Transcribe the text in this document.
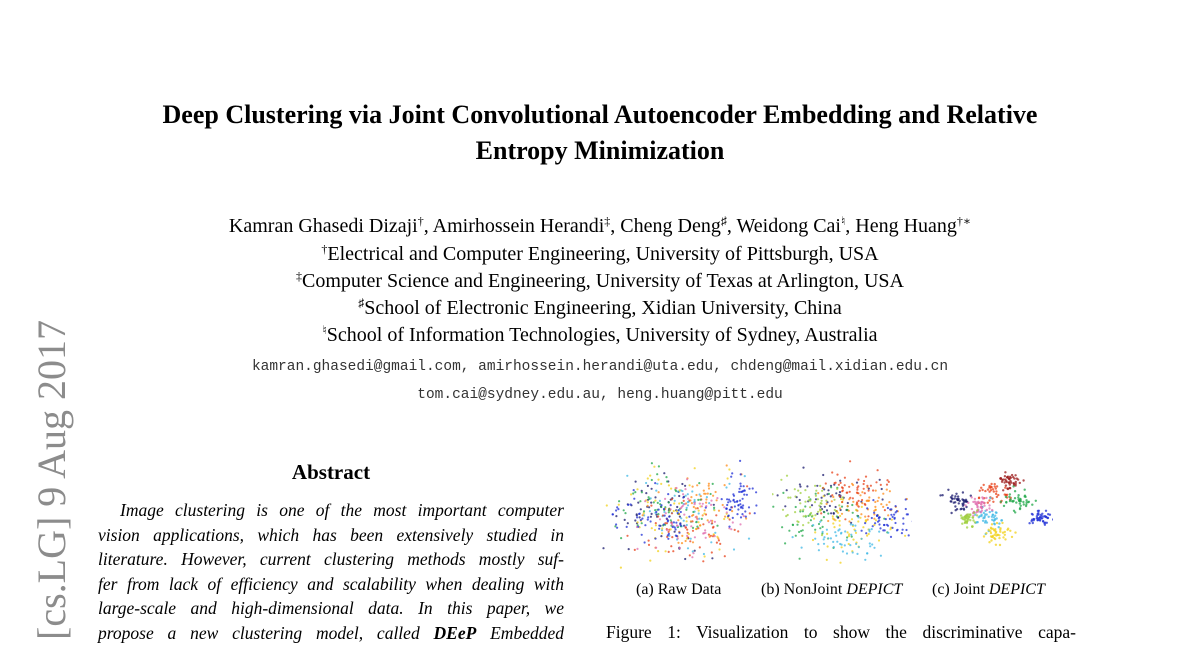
[cs.LG] 9 Aug 2017
Deep Clustering via Joint Convolutional Autoencoder Embedding and Relative
Entropy Minimization
Kamran Ghasedi Dizaji†, Amirhossein Herandi‡, Cheng Deng♯, Weidong Cai♮, Heng Huang†∗
†Electrical and Computer Engineering, University of Pittsburgh, USA
‡Computer Science and Engineering, University of Texas at Arlington, USA
♯School of Electronic Engineering, Xidian University, China
♮School of Information Technologies, University of Sydney, Australia
kamran.ghasedi@gmail.com, amirhossein.herandi@uta.edu, chdeng@mail.xidian.edu.cn
tom.cai@sydney.edu.au, heng.huang@pitt.edu
Abstract
Image clustering is one of the most important computer
vision applications, which has been extensively studied in
literature. However, current clustering methods mostly suf-
fer from lack of efficiency and scalability when dealing with
large-scale and high-dimensional data. In this paper, we
propose a new clustering model, called DEeP Embedded
(a) Raw Data (b) NonJoint DEPICT (c) Joint DEPICT
Figure 1: Visualization to show the discriminative capa-
